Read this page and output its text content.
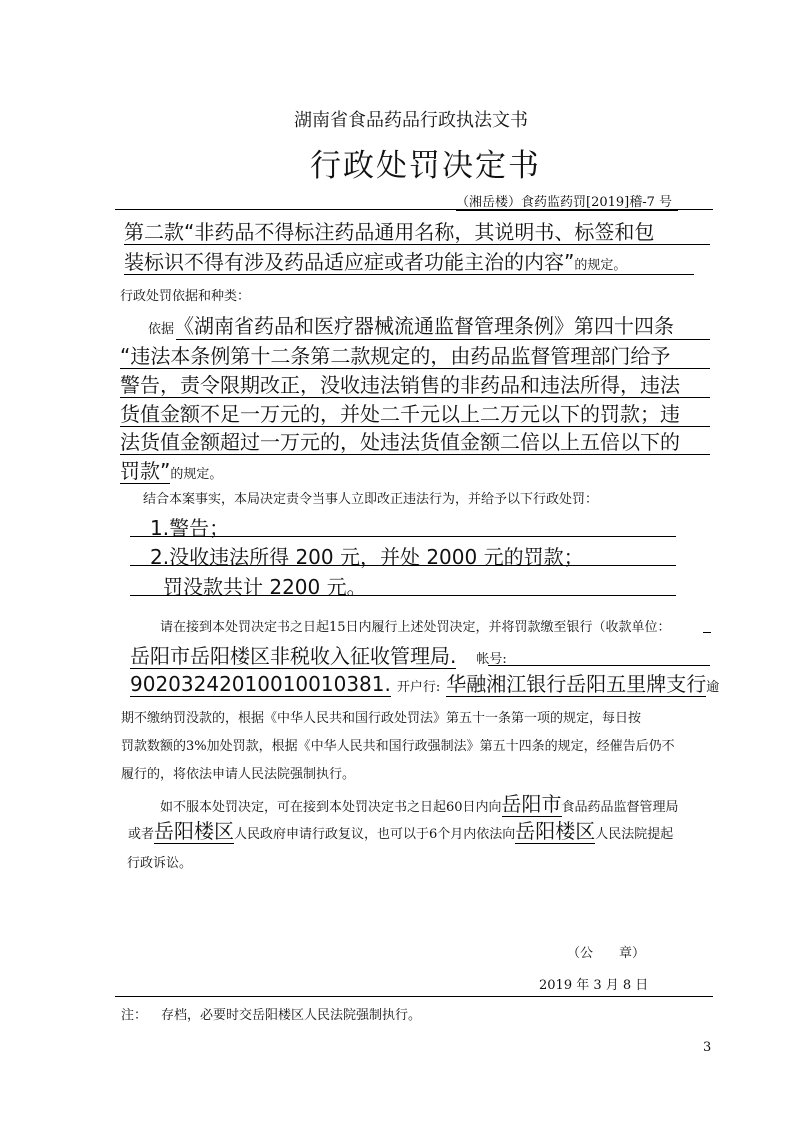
湖南省食品药品行政执法文书
行政处罚决定书
（湘岳楼）食药监药罚[2019]稽-7 号
第二款“非药品不得标注药品通用名称，其说明书、标签和包
装标识不得有涉及药品适应症或者功能主治的内容”的规定。
行政处罚依据和种类：
依据《湖南省药品和医疗器械流通监督管理条例》第四十四条
“违法本条例第十二条第二款规定的，由药品监督管理部门给予
警告，责令限期改正，没收违法销售的非药品和违法所得，违法
货值金额不足一万元的，并处二千元以上二万元以下的罚款；违
法货值金额超过一万元的，处违法货值金额二倍以上五倍以下的
罚款”的规定。
结合本案事实，本局决定责令当事人立即改正违法行为，并给予以下行政处罚：
1.警告；
2.没收违法所得 200 元，并处 2000 元的罚款；
罚没款共计 2200 元。
请在接到本处罚决定书之日起15日内履行上述处罚决定，并将罚款缴至银行（收款单位：
岳阳市岳阳楼区非税收入征收管理局. 帐号:
90203242010010010381. 开户行: 华融湘江银行岳阳五里牌支行逾
期不缴纳罚没款的，根据《中华人民共和国行政处罚法》第五十一条第一项的规定，每日按
罚款数额的3%加处罚款，根据《中华人民共和国行政强制法》第五十四条的规定，经催告后仍不
履行的，将依法申请人民法院强制执行。
如不服本处罚决定，可在接到本处罚决定书之日起60日内向岳阳市食品药品监督管理局
或者岳阳楼区人民政府申请行政复议，也可以于6个月内依法向岳阳楼区人民法院提起
行政诉讼。
（公　　章）
2019 年 3 月 8 日
注： 存档，必要时交岳阳楼区人民法院强制执行。
3
